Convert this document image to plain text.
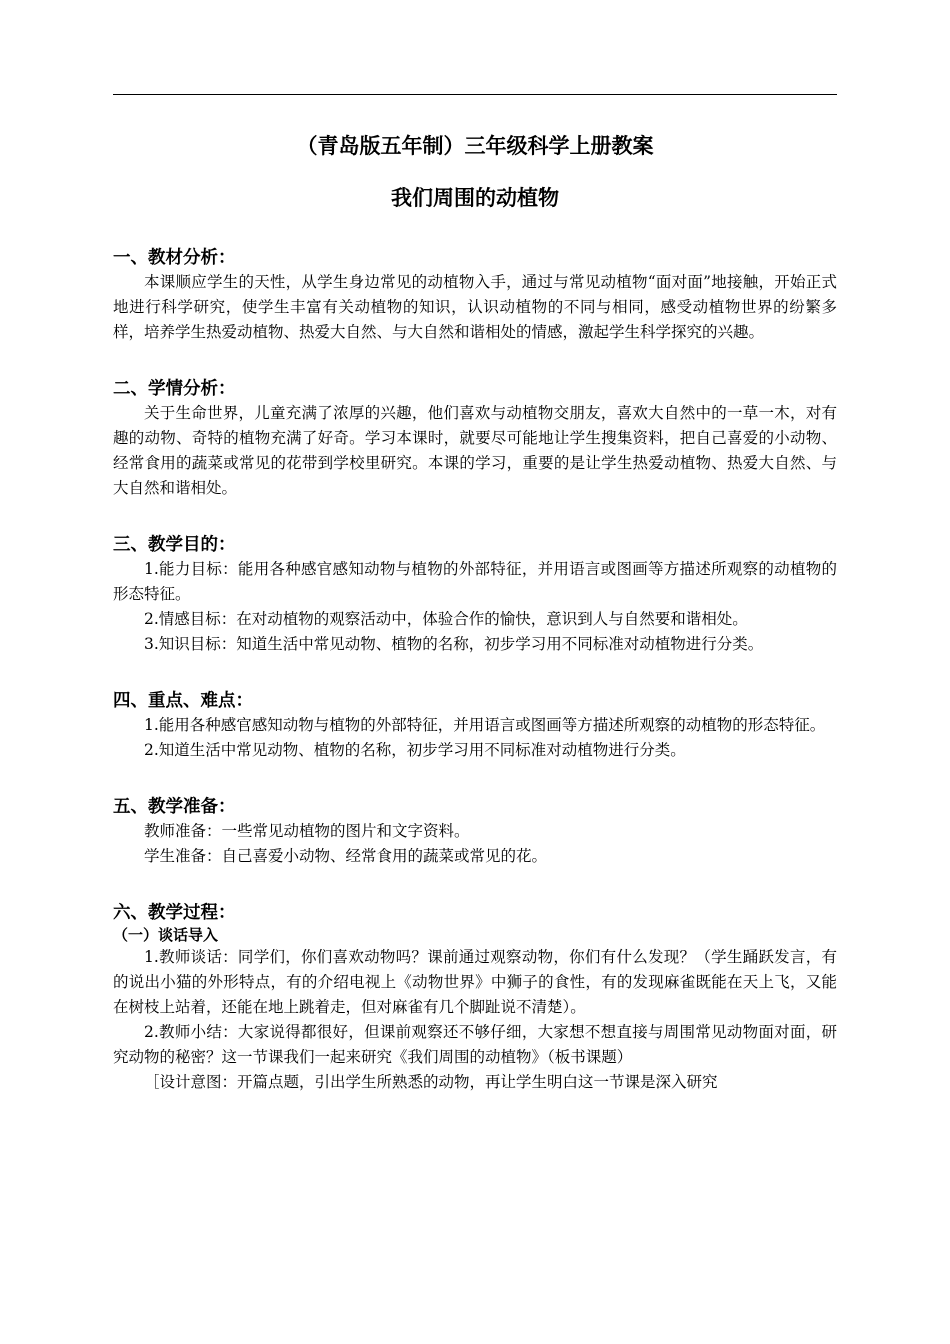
（青岛版五年制）三年级科学上册教案
我们周围的动植物
一、教材分析：

本课顺应学生的天性，从学生身边常见的动植物入手，通过与常见动植物“面对面”地接触，开始正式地进行科学研究，使学生丰富有关动植物的知识，认识动植物的不同与相同，感受动植物世界的纷繁多样，培养学生热爱动植物、热爱大自然、与大自然和谐相处的情感，激起学生科学探究的兴趣。

二、学情分析：

关于生命世界，儿童充满了浓厚的兴趣，他们喜欢与动植物交朋友，喜欢大自然中的一草一木，对有趣的动物、奇特的植物充满了好奇。学习本课时，就要尽可能地让学生搜集资料，把自己喜爱的小动物、经常食用的蔬菜或常见的花带到学校里研究。本课的学习，重要的是让学生热爱动植物、热爱大自然、与大自然和谐相处。

三、教学目的：

1.能力目标：能用各种感官感知动物与植物的外部特征，并用语言或图画等方描述所观察的动植物的形态特征。

2.情感目标：在对动植物的观察活动中，体验合作的愉快，意识到人与自然要和谐相处。

3.知识目标：知道生活中常见动物、植物的名称，初步学习用不同标准对动植物进行分类。

四、重点、难点：

1.能用各种感官感知动物与植物的外部特征，并用语言或图画等方描述所观察的动植物的形态特征。

2.知道生活中常见动物、植物的名称，初步学习用不同标准对动植物进行分类。

五、教学准备：

教师准备：一些常见动植物的图片和文字资料。

学生准备：自己喜爱小动物、经常食用的蔬菜或常见的花。

六、教学过程：
（一）谈话导入

1.教师谈话：同学们，你们喜欢动物吗？课前通过观察动物，你们有什么发现？（学生踊跃发言，有的说出小猫的外形特点，有的介绍电视上《动物世界》中狮子的食性，有的发现麻雀既能在天上飞，又能在树枝上站着，还能在地上跳着走，但对麻雀有几个脚趾说不清楚）。

2.教师小结：大家说得都很好，但课前观察还不够仔细，大家想不想直接与周围常见动物面对面，研究动物的秘密？这一节课我们一起来研究《我们周围的动植物》（板书课题）

［设计意图：开篇点题，引出学生所熟悉的动物，再让学生明白这一节课是深入研究
